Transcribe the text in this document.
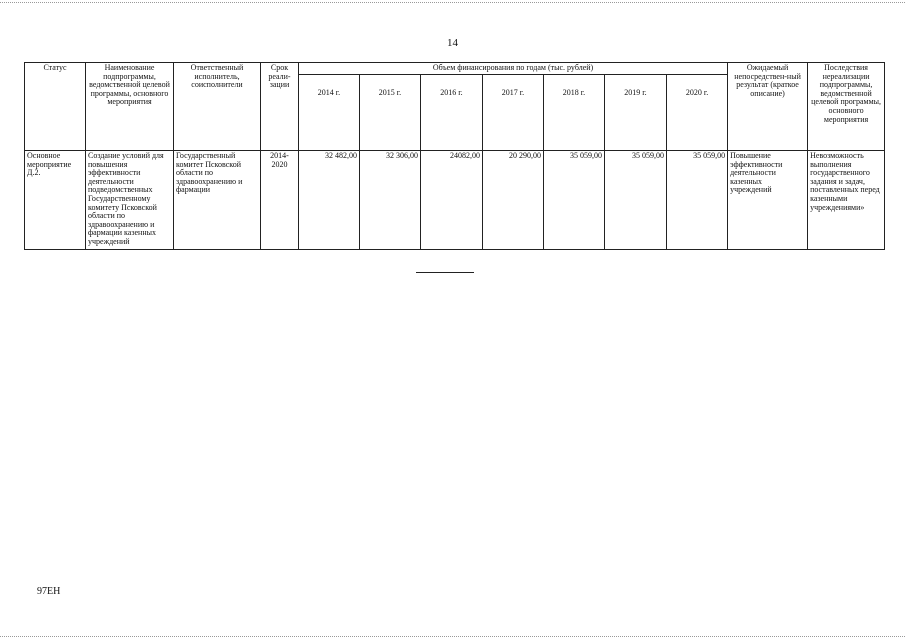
14
Статус	Наименование подпрограммы, ведомственной целевой программы, основного мероприятия	Ответственный исполнитель, соисполнители	Срок реали-зации	Объем финансирования по годам (тыс. рублей)							Ожидаемый непосредствен-ный результат (краткое описание)	Последствия нереализации подпрограммы, ведомственной целевой программы, основного мероприятия
				2014 г.	2015 г.	2016 г.	2017 г.	2018 г.	2019 г.	2020 г.		
Основное мероприятие Д.2.	Создание условий для повышения эффективности деятельности подведомственных Государственному комитету Псковской области по здравоохранению и фармации казенных учреждений	Государственный комитет Псковской области по здравоохранению и фармации	2014-2020	32 482,00	32 306,00	24082,00	20 290,00	35 059,00	35 059,00	35 059,00	Повышение эффективности деятельности казенных учреждений	Невозможность выполнения государственного задания и задач, поставленных перед казенными учреждениями»
97EH
